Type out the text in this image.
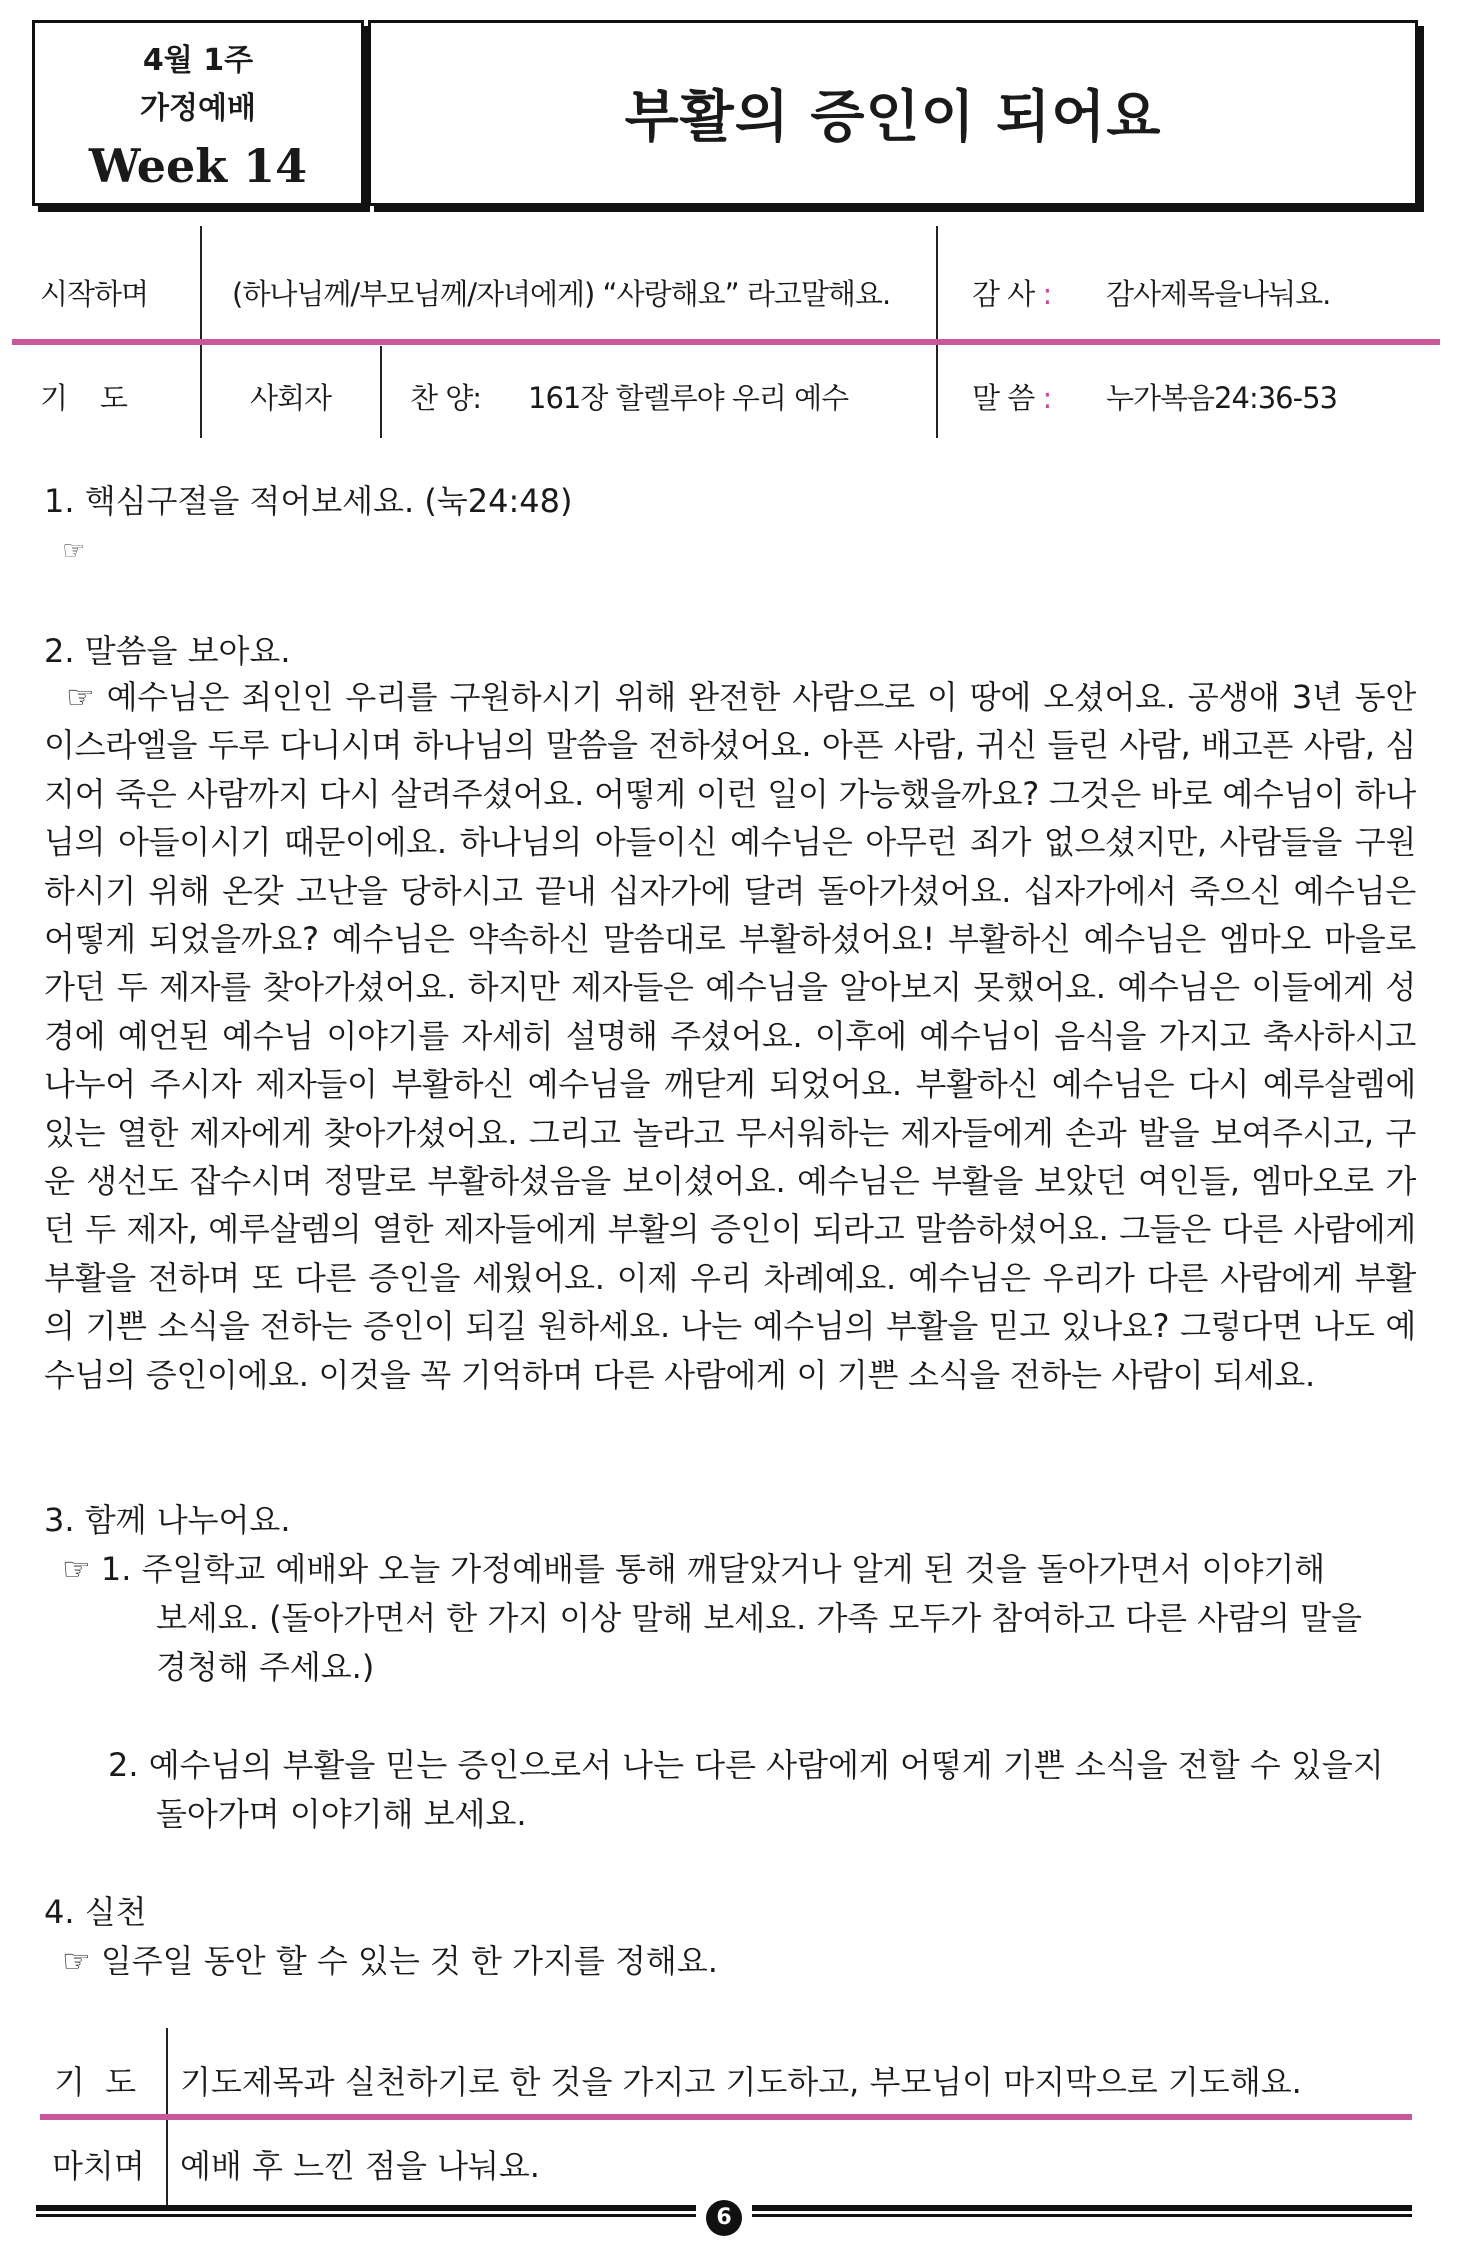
4월 1주
가정예배
Week 14
부활의 증인이 되어요
시작하며	(하나님께/부모님께/자녀에게) “사랑해요” 라고말해요.	감 사 : 감사제목을나눠요.
기    도	사회자	찬 양: 161장 할렐루야 우리 예수	말 씀 : 누가복음24:36-53
1. 핵심구절을 적어보세요. (눅24:48)
☞
2. 말씀을 보아요.
☞ 예수님은 죄인인 우리를 구원하시기 위해 완전한 사람으로 이 땅에 오셨어요. 공생애 3년 동안 이스라엘을 두루 다니시며 하나님의 말씀을 전하셨어요. 아픈 사람, 귀신 들린 사람, 배고픈 사람, 심지어 죽은 사람까지 다시 살려주셨어요. 어떻게 이런 일이 가능했을까요? 그것은 바로 예수님이 하나님의 아들이시기 때문이에요. 하나님의 아들이신 예수님은 아무런 죄가 없으셨지만, 사람들을 구원하시기 위해 온갖 고난을 당하시고 끝내 십자가에 달려 돌아가셨어요. 십자가에서 죽으신 예수님은 어떻게 되었을까요? 예수님은 약속하신 말씀대로 부활하셨어요! 부활하신 예수님은 엠마오 마을로 가던 두 제자를 찾아가셨어요. 하지만 제자들은 예수님을 알아보지 못했어요. 예수님은 이들에게 성경에 예언된 예수님 이야기를 자세히 설명해 주셨어요. 이후에 예수님이 음식을 가지고 축사하시고 나누어 주시자 제자들이 부활하신 예수님을 깨닫게 되었어요. 부활하신 예수님은 다시 예루살렘에 있는 열한 제자에게 찾아가셨어요. 그리고 놀라고 무서워하는 제자들에게 손과 발을 보여주시고, 구운 생선도 잡수시며 정말로 부활하셨음을 보이셨어요. 예수님은 부활을 보았던 여인들, 엠마오로 가던 두 제자, 예루살렘의 열한 제자들에게 부활의 증인이 되라고 말씀하셨어요. 그들은 다른 사람에게 부활을 전하며 또 다른 증인을 세웠어요. 이제 우리 차례예요. 예수님은 우리가 다른 사람에게 부활의 기쁜 소식을 전하는 증인이 되길 원하세요. 나는 예수님의 부활을 믿고 있나요? 그렇다면 나도 예수님의 증인이에요. 이것을 꼭 기억하며 다른 사람에게 이 기쁜 소식을 전하는 사람이 되세요.
3. 함께 나누어요.
☞ 1. 주일학교 예배와 오늘 가정예배를 통해 깨달았거나 알게 된 것을 돌아가면서 이야기해
보세요. (돌아가면서 한 가지 이상 말해 보세요. 가족 모두가 참여하고 다른 사람의 말을
경청해 주세요.)
2. 예수님의 부활을 믿는 증인으로서 나는 다른 사람에게 어떻게 기쁜 소식을 전할 수 있을지
돌아가며 이야기해 보세요.
4. 실천
☞ 일주일 동안 할 수 있는 것 한 가지를 정해요.
기  도 기도제목과 실천하기로 한 것을 가지고 기도하고, 부모님이 마지막으로 기도해요.
마치며 예배 후 느낀 점을 나눠요.
6
